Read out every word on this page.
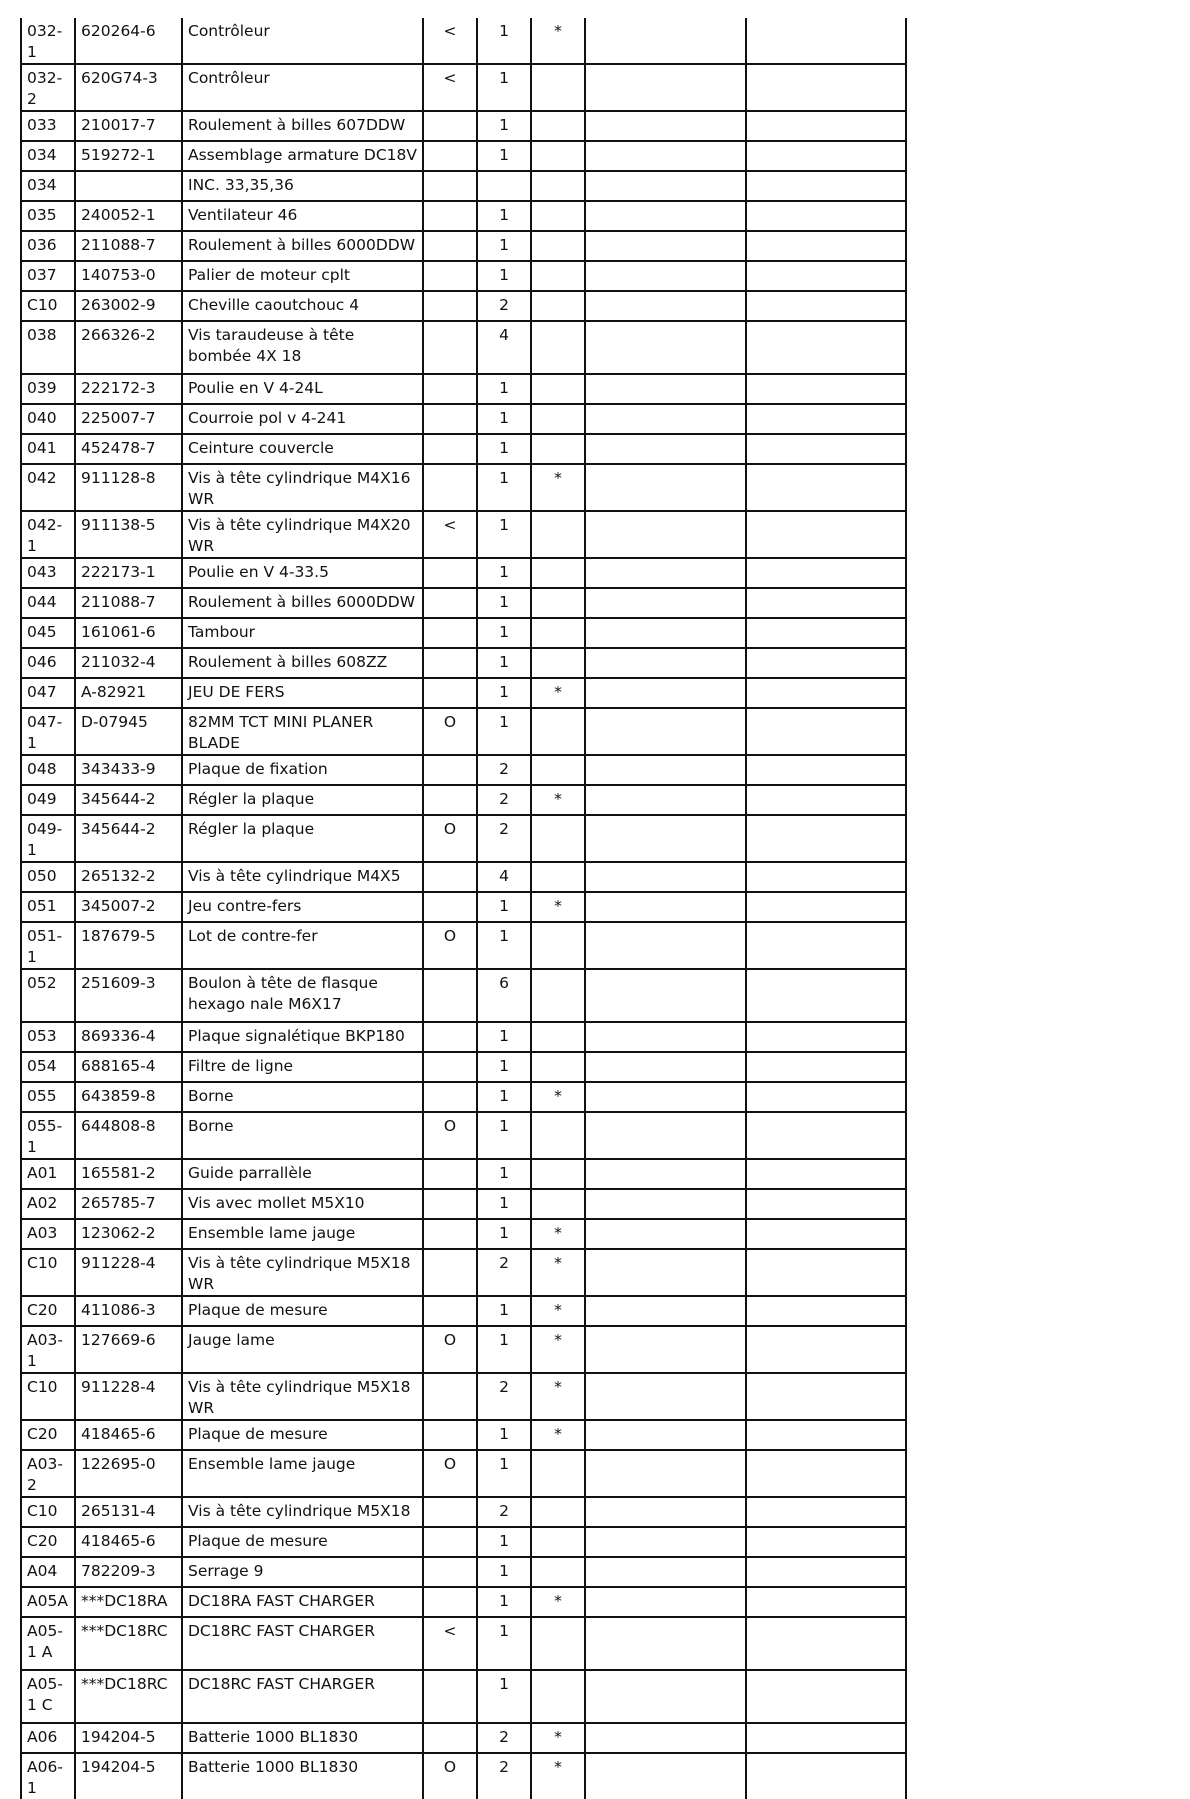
032-1	620264-6	Contrôleur	<	1	*		
032-2	620G74-3	Contrôleur	<	1			
033	210017-7	Roulement à billes 607DDW		1			
034	519272-1	Assemblage armature DC18V		1			
034		INC. 33,35,36					
035	240052-1	Ventilateur 46		1			
036	211088-7	Roulement à billes 6000DDW		1			
037	140753-0	Palier de moteur cplt		1			
C10	263002-9	Cheville caoutchouc 4		2			
038	266326-2	Vis taraudeuse à tête bombée 4X 18		4			
039	222172-3	Poulie en V 4-24L		1			
040	225007-7	Courroie pol v 4-241		1			
041	452478-7	Ceinture couvercle		1			
042	911128-8	Vis à tête cylindrique M4X16 WR		1	*		
042-1	911138-5	Vis à tête cylindrique M4X20 WR	<	1			
043	222173-1	Poulie en V 4-33.5		1			
044	211088-7	Roulement à billes 6000DDW		1			
045	161061-6	Tambour		1			
046	211032-4	Roulement à billes 608ZZ		1			
047	A-82921	JEU DE FERS		1	*		
047-1	D-07945	82MM TCT MINI PLANER BLADE	O	1			
048	343433-9	Plaque de fixation		2			
049	345644-2	Régler la plaque		2	*		
049-1	345644-2	Régler la plaque	O	2			
050	265132-2	Vis à tête cylindrique M4X5		4			
051	345007-2	Jeu contre-fers		1	*		
051-1	187679-5	Lot de contre-fer	O	1			
052	251609-3	Boulon à tête de flasque hexago nale M6X17		6			
053	869336-4	Plaque signalétique BKP180		1			
054	688165-4	Filtre de ligne		1			
055	643859-8	Borne		1	*		
055-1	644808-8	Borne	O	1			
A01	165581-2	Guide parrallèle		1			
A02	265785-7	Vis avec mollet M5X10		1			
A03	123062-2	Ensemble lame jauge		1	*		
C10	911228-4	Vis à tête cylindrique M5X18 WR		2	*		
C20	411086-3	Plaque de mesure		1	*		
A03-1	127669-6	Jauge lame	O	1	*		
C10	911228-4	Vis à tête cylindrique M5X18 WR		2	*		
C20	418465-6	Plaque de mesure		1	*		
A03-2	122695-0	Ensemble lame jauge	O	1			
C10	265131-4	Vis à tête cylindrique M5X18		2			
C20	418465-6	Plaque de mesure		1			
A04	782209-3	Serrage 9		1			
A05A	***DC18RA	DC18RA FAST CHARGER		1	*		
A05-1 A	***DC18RC	DC18RC FAST CHARGER	<	1			
A05-1 C	***DC18RC	DC18RC FAST CHARGER		1			
A06	194204-5	Batterie 1000 BL1830		2	*		
A06-1	194204-5	Batterie 1000 BL1830	O	2	*		
